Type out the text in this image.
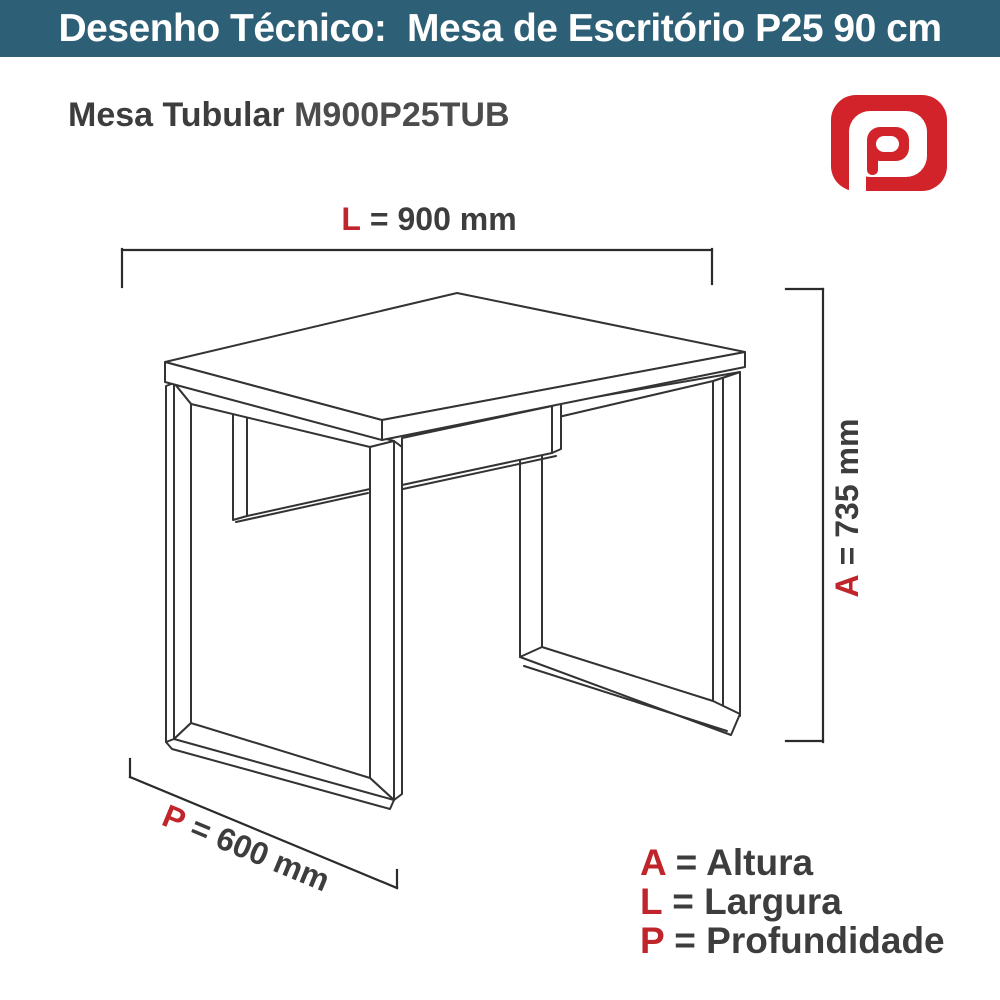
Desenho Técnico:  Mesa de Escritório P25 90 cm
Mesa Tubular M900P25TUB
L = 900 mm
A= 735 mm
P= 600 mm	A = Altura
L = Largura
P = Profundidade
